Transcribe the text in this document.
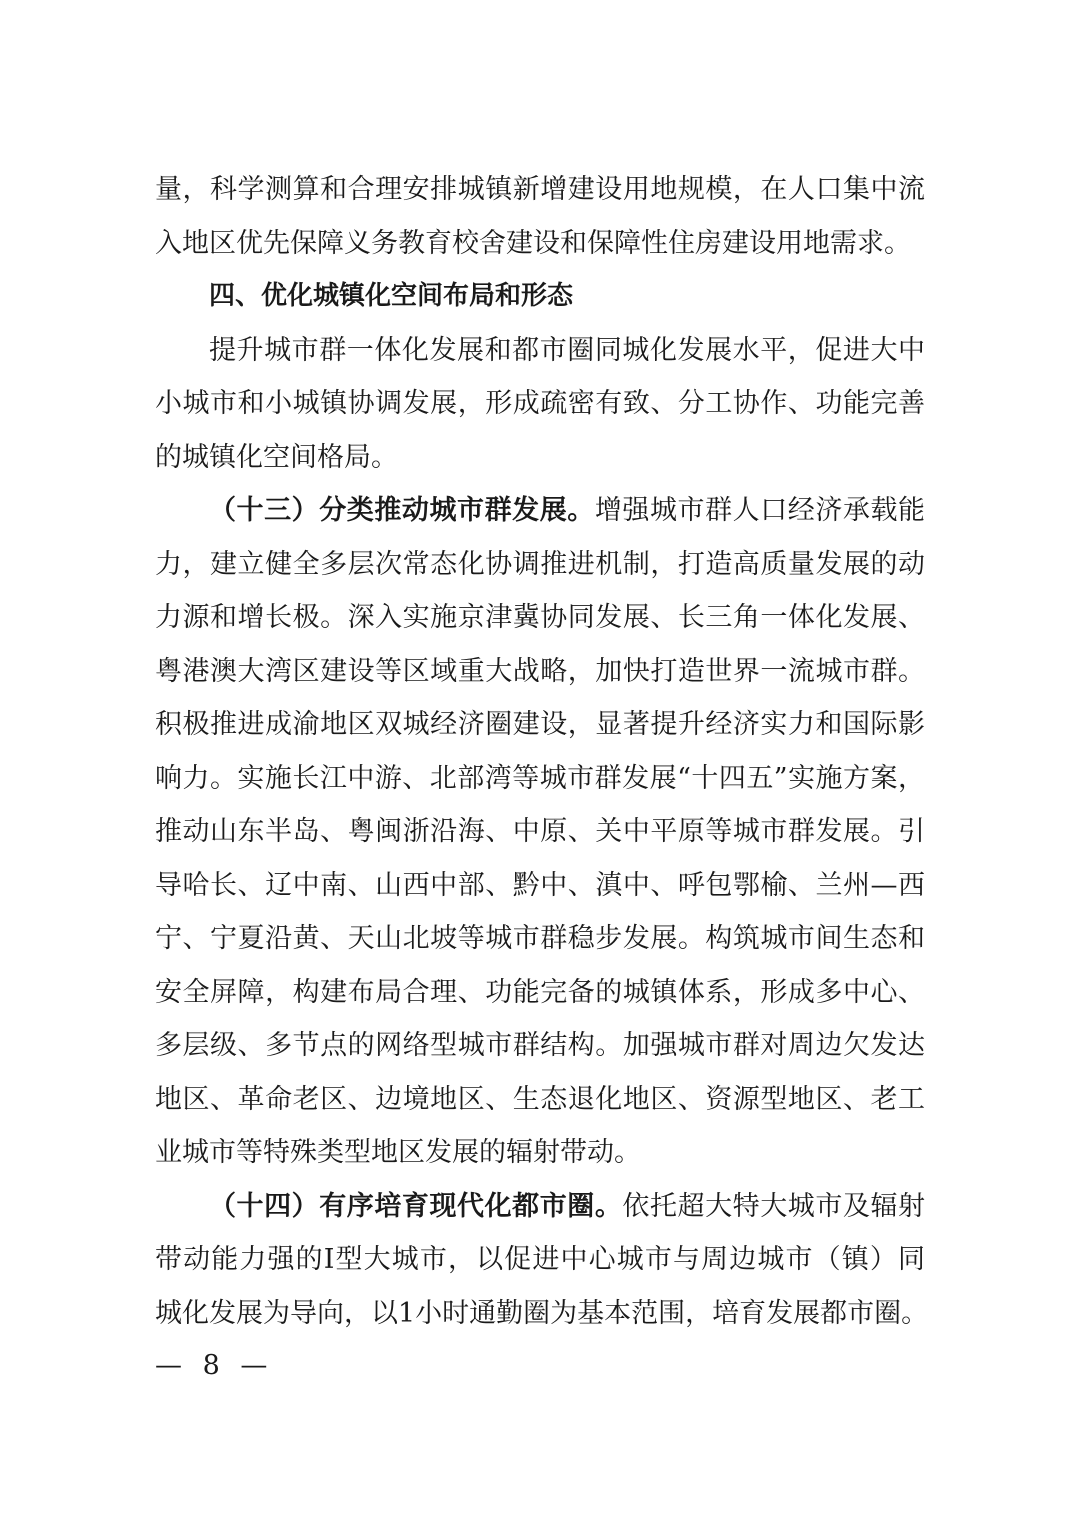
量，科学测算和合理安排城镇新增建设用地规模，在人口集中流
入地区优先保障义务教育校舍建设和保障性住房建设用地需求。
四、优化城镇化空间布局和形态
提升城市群一体化发展和都市圈同城化发展水平，促进大中
小城市和小城镇协调发展，形成疏密有致、分工协作、功能完善
的城镇化空间格局。
（十三）分类推动城市群发展。增强城市群人口经济承载能
力，建立健全多层次常态化协调推进机制，打造高质量发展的动
力源和增长极。深入实施京津冀协同发展、长三角一体化发展、
粤港澳大湾区建设等区域重大战略，加快打造世界一流城市群。
积极推进成渝地区双城经济圈建设，显著提升经济实力和国际影
响力。实施长江中游、北部湾等城市群发展“十四五”实施方案，
推动山东半岛、粤闽浙沿海、中原、关中平原等城市群发展。引
导哈长、辽中南、山西中部、黔中、滇中、呼包鄂榆、兰州—西
宁、宁夏沿黄、天山北坡等城市群稳步发展。构筑城市间生态和
安全屏障，构建布局合理、功能完备的城镇体系，形成多中心、
多层级、多节点的网络型城市群结构。加强城市群对周边欠发达
地区、革命老区、边境地区、生态退化地区、资源型地区、老工
业城市等特殊类型地区发展的辐射带动。
（十四）有序培育现代化都市圈。依托超大特大城市及辐射
带动能力强的Ⅰ型大城市，以促进中心城市与周边城市（镇）同
城化发展为导向，以1小时通勤圈为基本范围，培育发展都市圈。
— 8 —
